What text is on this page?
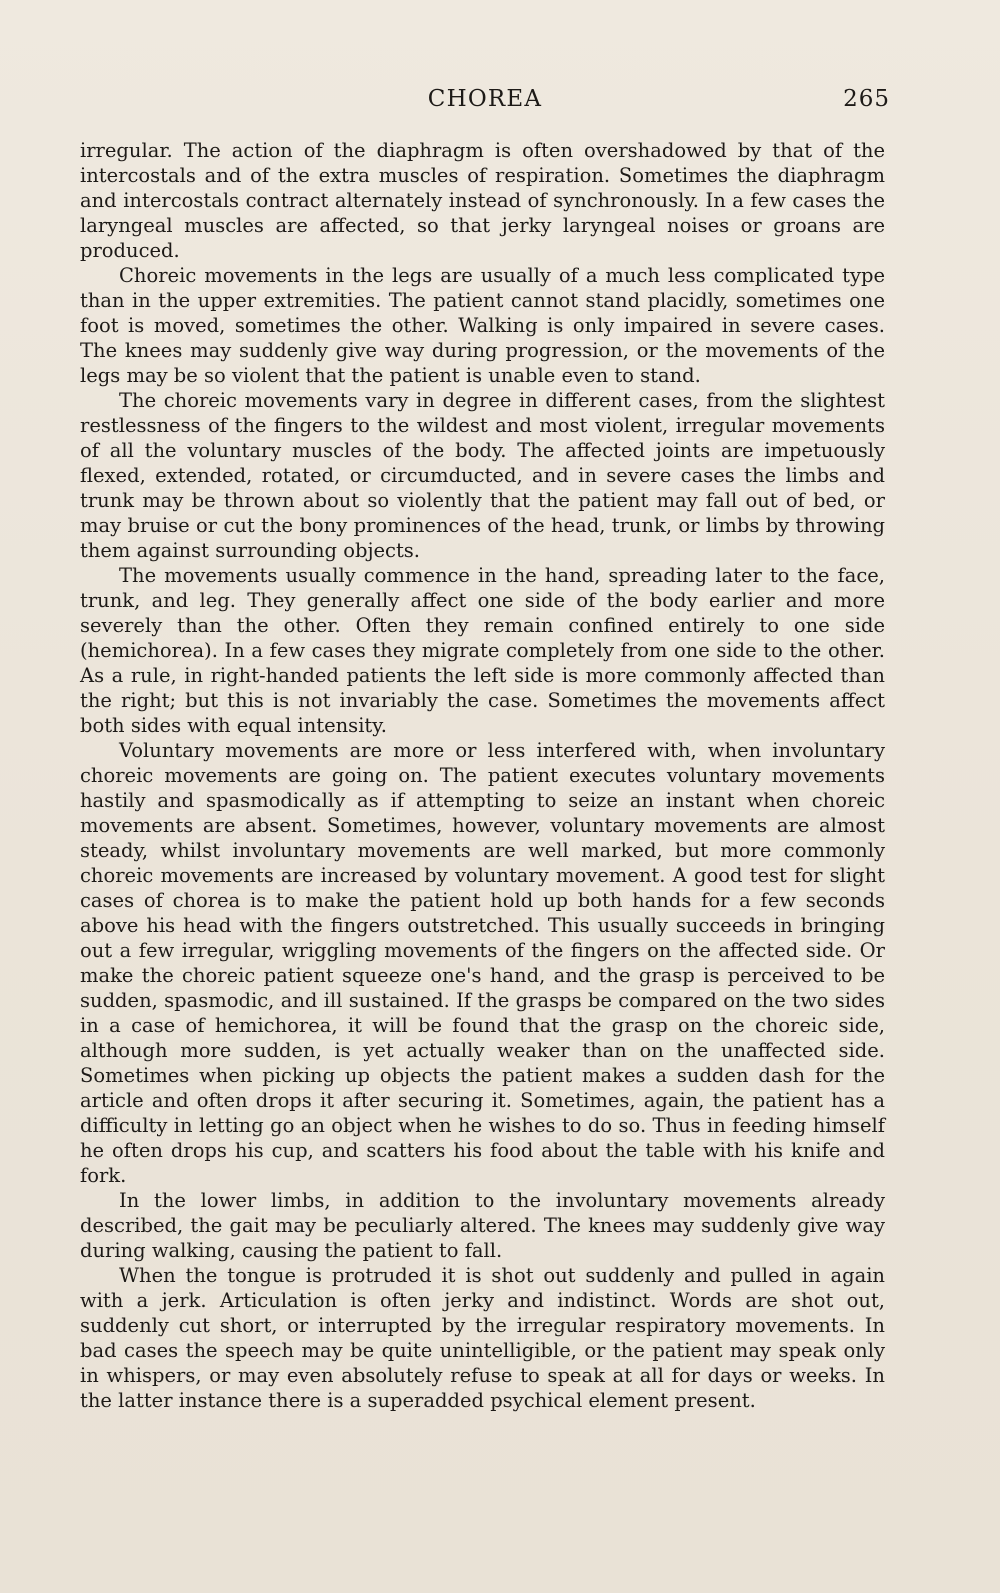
CHOREA	265

irregular. The action of the diaphragm is often overshadowed by that of the intercostals and of the extra muscles of respiration. Sometimes the diaphragm and intercostals contract alternately instead of synchronously. In a few cases the laryngeal muscles are affected, so that jerky laryngeal noises or groans are produced.

Choreic movements in the legs are usually of a much less complicated type than in the upper extremities. The patient cannot stand placidly, sometimes one foot is moved, sometimes the other. Walking is only impaired in severe cases. The knees may suddenly give way during progression, or the movements of the legs may be so violent that the patient is unable even to stand.

The choreic movements vary in degree in different cases, from the slightest restlessness of the fingers to the wildest and most violent, irregular movements of all the voluntary muscles of the body. The affected joints are impetuously flexed, extended, rotated, or circumducted, and in severe cases the limbs and trunk may be thrown about so violently that the patient may fall out of bed, or may bruise or cut the bony prominences of the head, trunk, or limbs by throwing them against surrounding objects.

The movements usually commence in the hand, spreading later to the face, trunk, and leg. They generally affect one side of the body earlier and more severely than the other. Often they remain confined entirely to one side (hemichorea). In a few cases they migrate completely from one side to the other. As a rule, in right-handed patients the left side is more commonly affected than the right; but this is not invariably the case. Sometimes the movements affect both sides with equal intensity.

Voluntary movements are more or less interfered with, when involuntary choreic movements are going on. The patient executes voluntary movements hastily and spasmodically as if attempting to seize an instant when choreic movements are absent. Sometimes, however, voluntary movements are almost steady, whilst involuntary movements are well marked, but more commonly choreic movements are increased by voluntary movement. A good test for slight cases of chorea is to make the patient hold up both hands for a few seconds above his head with the fingers outstretched. This usually succeeds in bringing out a few irregular, wriggling movements of the fingers on the affected side. Or make the choreic patient squeeze one's hand, and the grasp is perceived to be sudden, spasmodic, and ill sustained. If the grasps be compared on the two sides in a case of hemichorea, it will be found that the grasp on the choreic side, although more sudden, is yet actually weaker than on the unaffected side. Sometimes when picking up objects the patient makes a sudden dash for the article and often drops it after securing it. Sometimes, again, the patient has a difficulty in letting go an object when he wishes to do so. Thus in feeding himself he often drops his cup, and scatters his food about the table with his knife and fork.

In the lower limbs, in addition to the involuntary movements already described, the gait may be peculiarly altered. The knees may suddenly give way during walking, causing the patient to fall.

When the tongue is protruded it is shot out suddenly and pulled in again with a jerk. Articulation is often jerky and indistinct. Words are shot out, suddenly cut short, or interrupted by the irregular respiratory movements. In bad cases the speech may be quite unintelligible, or the patient may speak only in whispers, or may even absolutely refuse to speak at all for days or weeks. In the latter instance there is a superadded psychical element present.
